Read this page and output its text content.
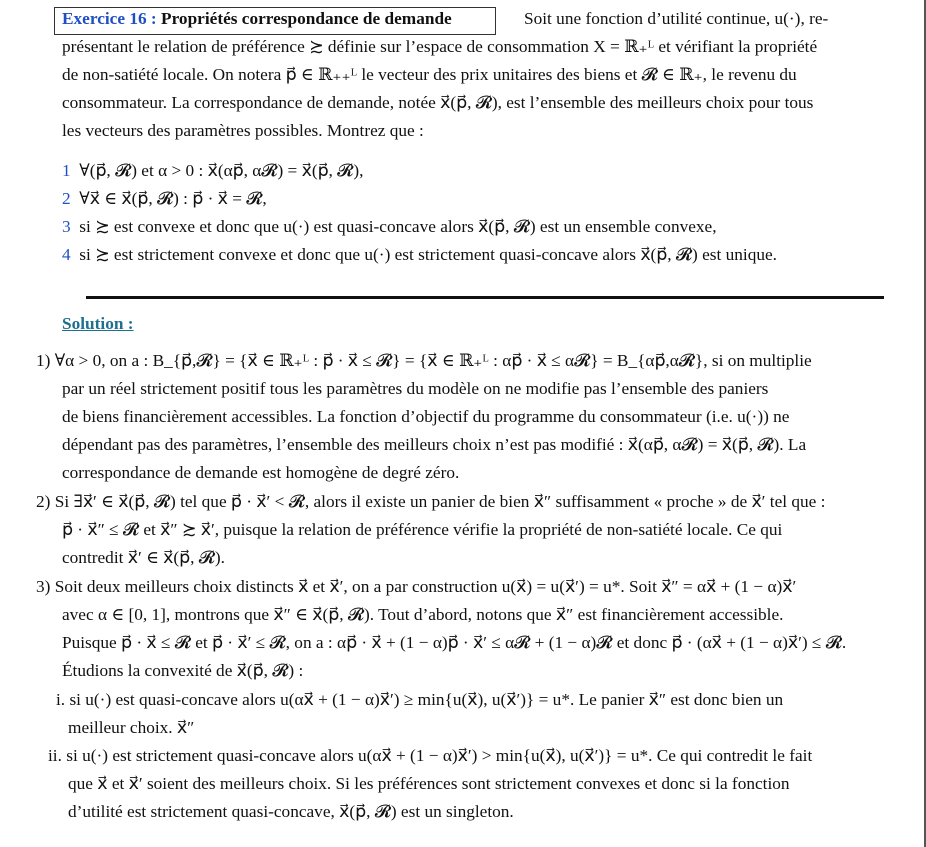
Exercice 16 : Propriétés correspondance de demande	Soit une fonction d’utilité continue, u(·), re-
présentant le relation de préférence ≿ définie sur l’espace de consommation X = ℝ₊ᴸ et vérifiant la propriété
de non-satiété locale. On notera p⃗ ∈ ℝ₊₊ᴸ le vecteur des prix unitaires des biens et 𝓡 ∈ ℝ₊, le revenu du
consommateur. La correspondance de demande, notée x⃗(p⃗, 𝓡), est l’ensemble des meilleurs choix pour tous
les vecteurs des paramètres possibles. Montrez que :
1 ∀(p⃗, 𝓡) et α > 0 : x⃗(αp⃗, α𝓡) = x⃗(p⃗, 𝓡),
2 ∀x⃗ ∈ x⃗(p⃗, 𝓡) : p⃗ · x⃗ = 𝓡,
3 si ≿ est convexe et donc que u(·) est quasi-concave alors x⃗(p⃗, 𝓡) est un ensemble convexe,
4 si ≿ est strictement convexe et donc que u(·) est strictement quasi-concave alors x⃗(p⃗, 𝓡) est unique.
Solution :
1) ∀α > 0, on a : B_{p⃗,𝓡} = {x⃗ ∈ ℝ₊ᴸ : p⃗ · x⃗ ≤ 𝓡} = {x⃗ ∈ ℝ₊ᴸ : αp⃗ · x⃗ ≤ α𝓡} = B_{αp⃗,α𝓡}, si on multiplie
par un réel strictement positif tous les paramètres du modèle on ne modifie pas l’ensemble des paniers
de biens financièrement accessibles. La fonction d’objectif du programme du consommateur (i.e. u(·)) ne
dépendant pas des paramètres, l’ensemble des meilleurs choix n’est pas modifié : x⃗(αp⃗, α𝓡) = x⃗(p⃗, 𝓡). La
correspondance de demande est homogène de degré zéro.
2) Si ∃x⃗′ ∈ x⃗(p⃗, 𝓡) tel que p⃗ · x⃗′ < 𝓡, alors il existe un panier de bien x⃗″ suffisamment « proche » de x⃗′ tel que :
p⃗ · x⃗″ ≤ 𝓡 et x⃗″ ≿ x⃗′, puisque la relation de préférence vérifie la propriété de non-satiété locale. Ce qui
contredit x⃗′ ∈ x⃗(p⃗, 𝓡).
3) Soit deux meilleurs choix distincts x⃗ et x⃗′, on a par construction u(x⃗) = u(x⃗′) = u*. Soit x⃗″ = αx⃗ + (1 − α)x⃗′
avec α ∈ [0, 1], montrons que x⃗″ ∈ x⃗(p⃗, 𝓡). Tout d’abord, notons que x⃗″ est financièrement accessible.
Puisque p⃗ · x⃗ ≤ 𝓡 et p⃗ · x⃗′ ≤ 𝓡, on a : αp⃗ · x⃗ + (1 − α)p⃗ · x⃗′ ≤ α𝓡 + (1 − α)𝓡 et donc p⃗ · (αx⃗ + (1 − α)x⃗′) ≤ 𝓡.
Étudions la convexité de x⃗(p⃗, 𝓡) :
i. si u(·) est quasi-concave alors u(αx⃗ + (1 − α)x⃗′) ≥ min{u(x⃗), u(x⃗′)} = u*. Le panier x⃗″ est donc bien un
meilleur choix. x⃗″
ii. si u(·) est strictement quasi-concave alors u(αx⃗ + (1 − α)x⃗′) > min{u(x⃗), u(x⃗′)} = u*. Ce qui contredit le fait
que x⃗ et x⃗′ soient des meilleurs choix. Si les préférences sont strictement convexes et donc si la fonction
d’utilité est strictement quasi-concave, x⃗(p⃗, 𝓡) est un singleton.
